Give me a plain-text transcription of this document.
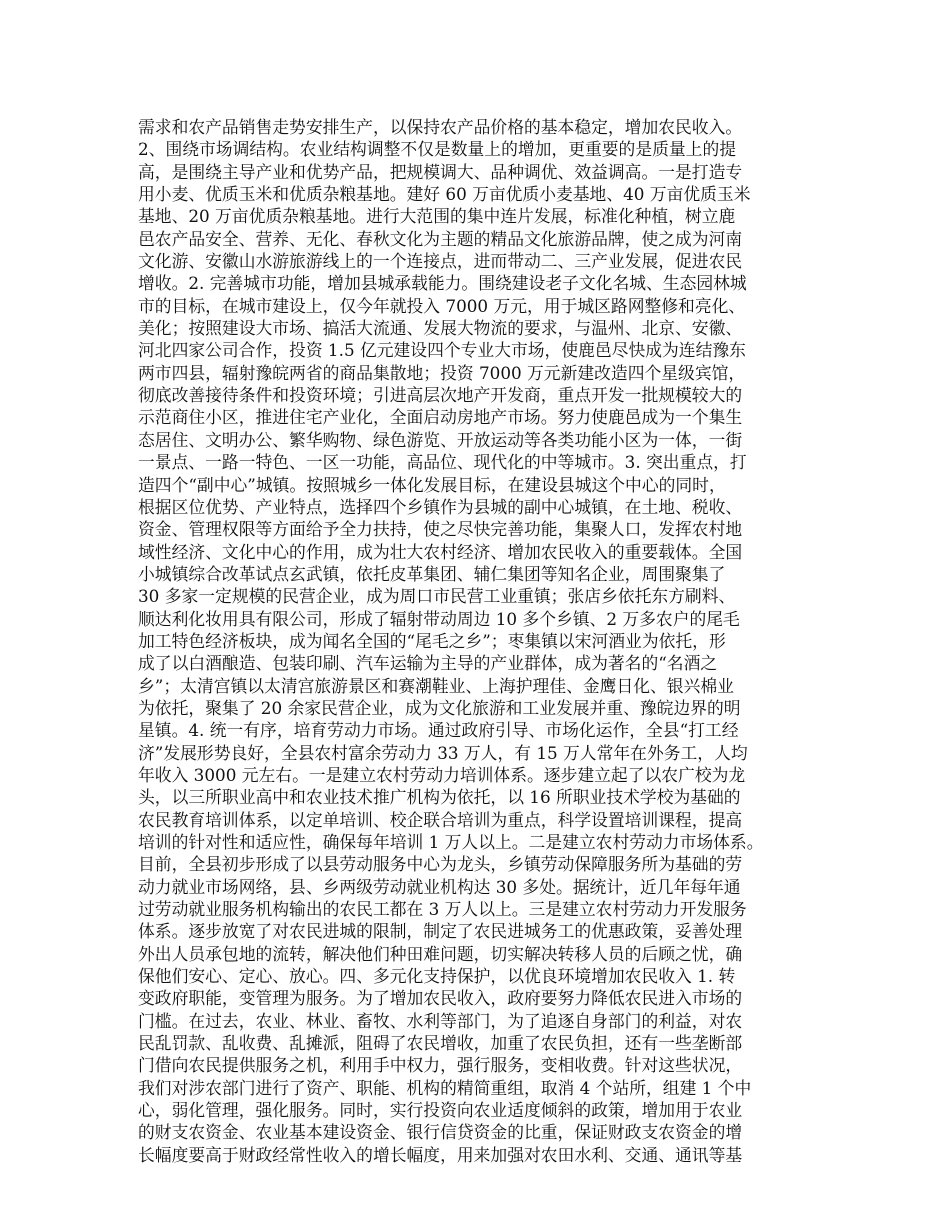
需求和农产品销售走势安排生产，以保持农产品价格的基本稳定，增加农民收入。
2、围绕市场调结构。农业结构调整不仅是数量上的增加，更重要的是质量上的提
高，是围绕主导产业和优势产品，把规模调大、品种调优、效益调高。一是打造专
用小麦、优质玉米和优质杂粮基地。建好 60 万亩优质小麦基地、40 万亩优质玉米
基地、20 万亩优质杂粮基地。进行大范围的集中连片发展，标准化种植，树立鹿
邑农产品安全、营养、无化、春秋文化为主题的精品文化旅游品牌，使之成为河南
文化游、安徽山水游旅游线上的一个连接点，进而带动二、三产业发展，促进农民
增收。2. 完善城市功能，增加县城承载能力。围绕建设老子文化名城、生态园林城
市的目标，在城市建设上，仅今年就投入 7000 万元，用于城区路网整修和亮化、
美化；按照建设大市场、搞活大流通、发展大物流的要求，与温州、北京、安徽、
河北四家公司合作，投资 1.5 亿元建设四个专业大市场，使鹿邑尽快成为连结豫东
两市四县，辐射豫皖两省的商品集散地；投资 7000 万元新建改造四个星级宾馆，
彻底改善接待条件和投资环境；引进高层次地产开发商，重点开发一批规模较大的
示范商住小区，推进住宅产业化，全面启动房地产市场。努力使鹿邑成为一个集生
态居住、文明办公、繁华购物、绿色游览、开放运动等各类功能小区为一体，一街
一景点、一路一特色、一区一功能，高品位、现代化的中等城市。3. 突出重点，打
造四个“副中心”城镇。按照城乡一体化发展目标，在建设县城这个中心的同时，
根据区位优势、产业特点，选择四个乡镇作为县城的副中心城镇，在土地、税收、
资金、管理权限等方面给予全力扶持，使之尽快完善功能，集聚人口，发挥农村地
域性经济、文化中心的作用，成为壮大农村经济、增加农民收入的重要载体。全国
小城镇综合改革试点玄武镇，依托皮革集团、辅仁集团等知名企业，周围聚集了
30 多家一定规模的民营企业，成为周口市民营工业重镇；张店乡依托东方刷料、
顺达利化妆用具有限公司，形成了辐射带动周边 10 多个乡镇、2 万多农户的尾毛
加工特色经济板块，成为闻名全国的“尾毛之乡”；枣集镇以宋河酒业为依托，形
成了以白酒酿造、包装印刷、汽车运输为主导的产业群体，成为著名的“名酒之
乡”；太清宫镇以太清宫旅游景区和赛潮鞋业、上海护理佳、金鹰日化、银兴棉业
为依托，聚集了 20 余家民营企业，成为文化旅游和工业发展并重、豫皖边界的明
星镇。4. 统一有序，培育劳动力市场。通过政府引导、市场化运作，全县“打工经
济”发展形势良好，全县农村富余劳动力 33 万人，有 15 万人常年在外务工，人均
年收入 3000 元左右。一是建立农村劳动力培训体系。逐步建立起了以农广校为龙
头，以三所职业高中和农业技术推广机构为依托，以 16 所职业技术学校为基础的
农民教育培训体系，以定单培训、校企联合培训为重点，科学设置培训课程，提高
培训的针对性和适应性，确保每年培训 1 万人以上。二是建立农村劳动力市场体系。
目前，全县初步形成了以县劳动服务中心为龙头，乡镇劳动保障服务所为基础的劳
动力就业市场网络，县、乡两级劳动就业机构达 30 多处。据统计，近几年每年通
过劳动就业服务机构输出的农民工都在 3 万人以上。三是建立农村劳动力开发服务
体系。逐步放宽了对农民进城的限制，制定了农民进城务工的优惠政策，妥善处理
外出人员承包地的流转，解决他们种田难问题，切实解决转移人员的后顾之忧，确
保他们安心、定心、放心。四、多元化支持保护，以优良环境增加农民收入 1. 转
变政府职能，变管理为服务。为了增加农民收入，政府要努力降低农民进入市场的
门槛。在过去，农业、林业、畜牧、水利等部门，为了追逐自身部门的利益，对农
民乱罚款、乱收费、乱摊派，阻碍了农民增收，加重了农民负担，还有一些垄断部
门借向农民提供服务之机，利用手中权力，强行服务，变相收费。针对这些状况，
我们对涉农部门进行了资产、职能、机构的精简重组，取消 4 个站所，组建 1 个中
心，弱化管理，强化服务。同时，实行投资向农业适度倾斜的政策，增加用于农业
的财支农资金、农业基本建设资金、银行信贷资金的比重，保证财政支农资金的增
长幅度要高于财政经常性收入的增长幅度，用来加强对农田水利、交通、通讯等基
